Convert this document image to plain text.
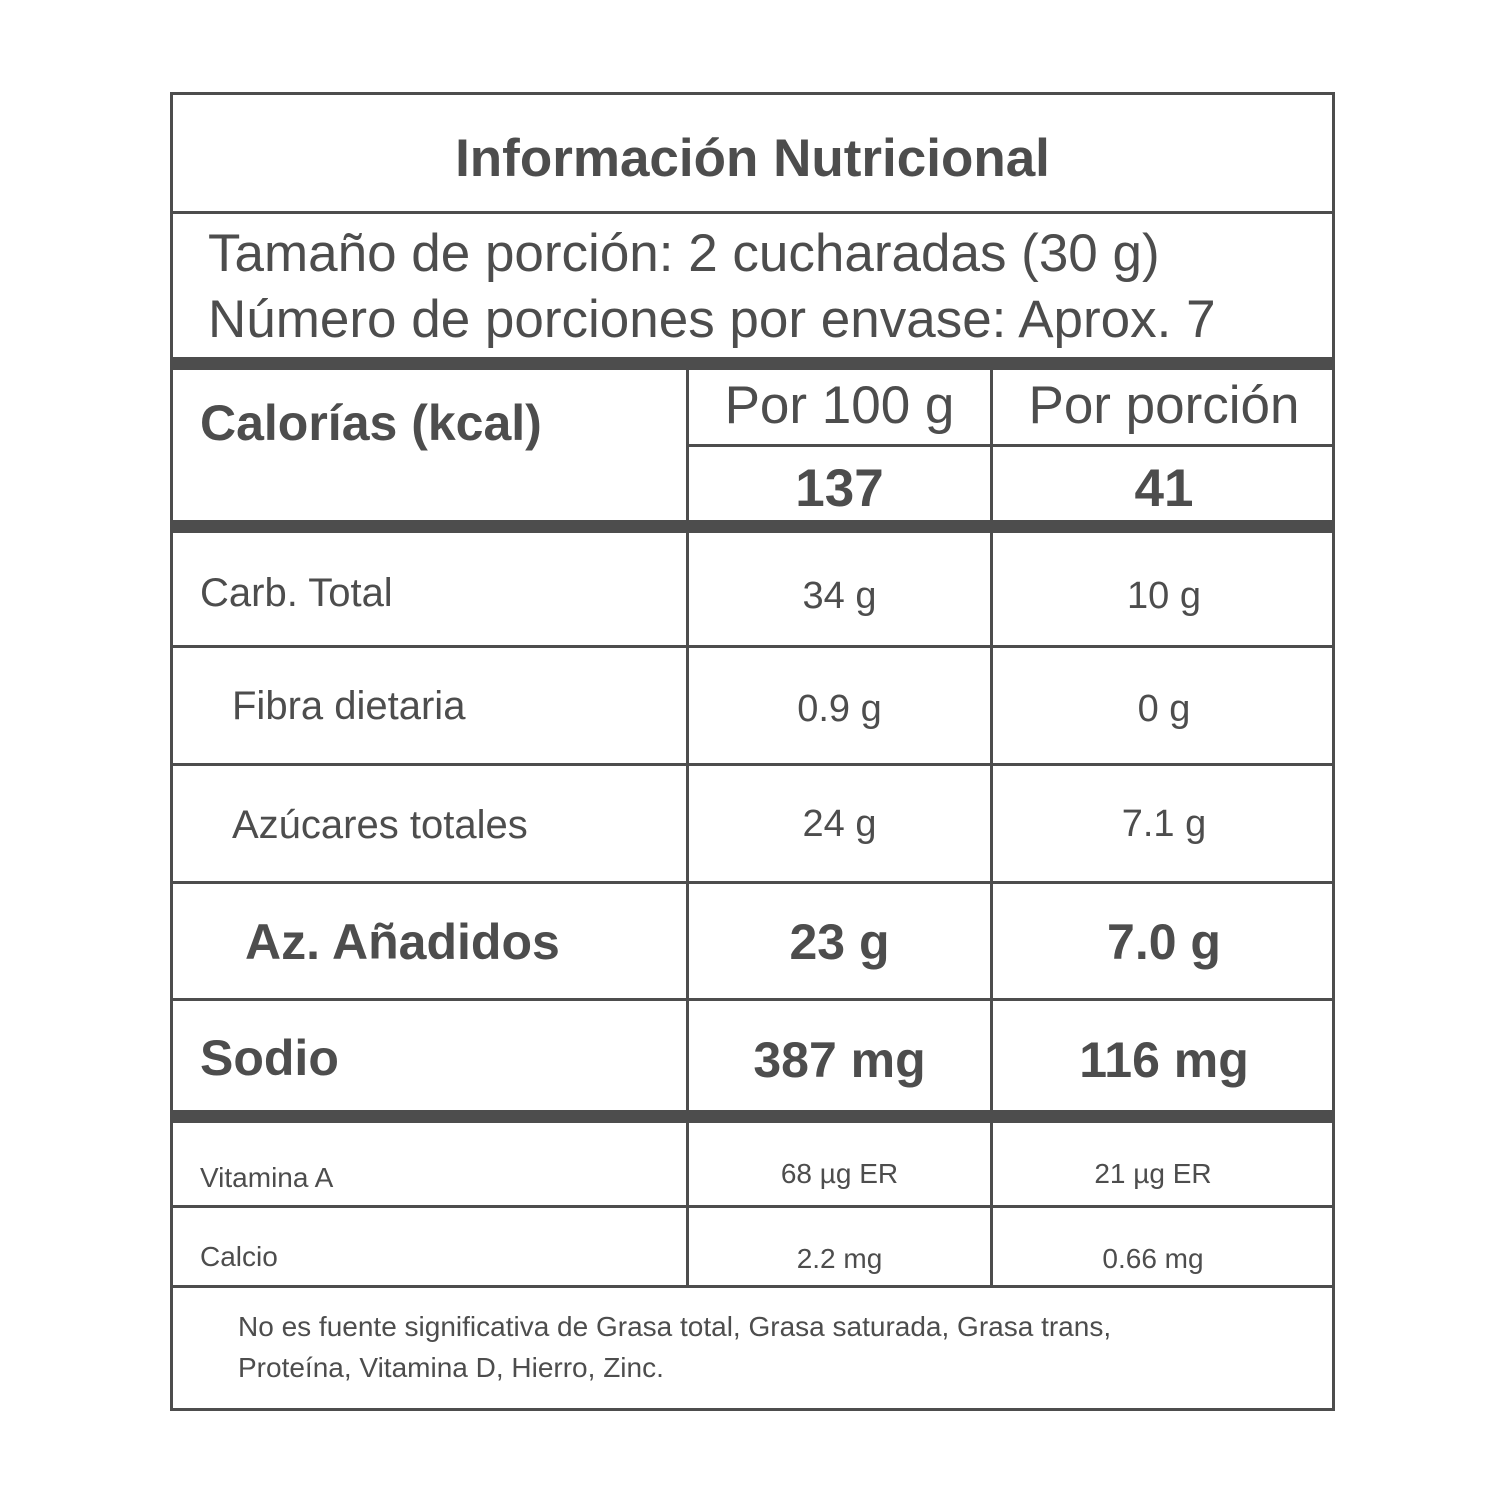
Información Nutricional
Tamaño de porción: 2 cucharadas (30 g)
Número de porciones por envase: Aprox. 7
Por 100 g	Por porción
Calorías (kcal)
137	41
Carb. Total	34 g	10 g
Fibra dietaria	0.9 g	0 g
Azúcares totales	24 g	7.1 g
Az. Añadidos	23 g	7.0 g
Sodio	387 mg	116 mg
Vitamina A	68 µg ER	21 µg ER
Calcio	2.2 mg	0.66 mg
No es fuente significativa de Grasa total, Grasa saturada, Grasa trans,
Proteína, Vitamina D, Hierro, Zinc.
